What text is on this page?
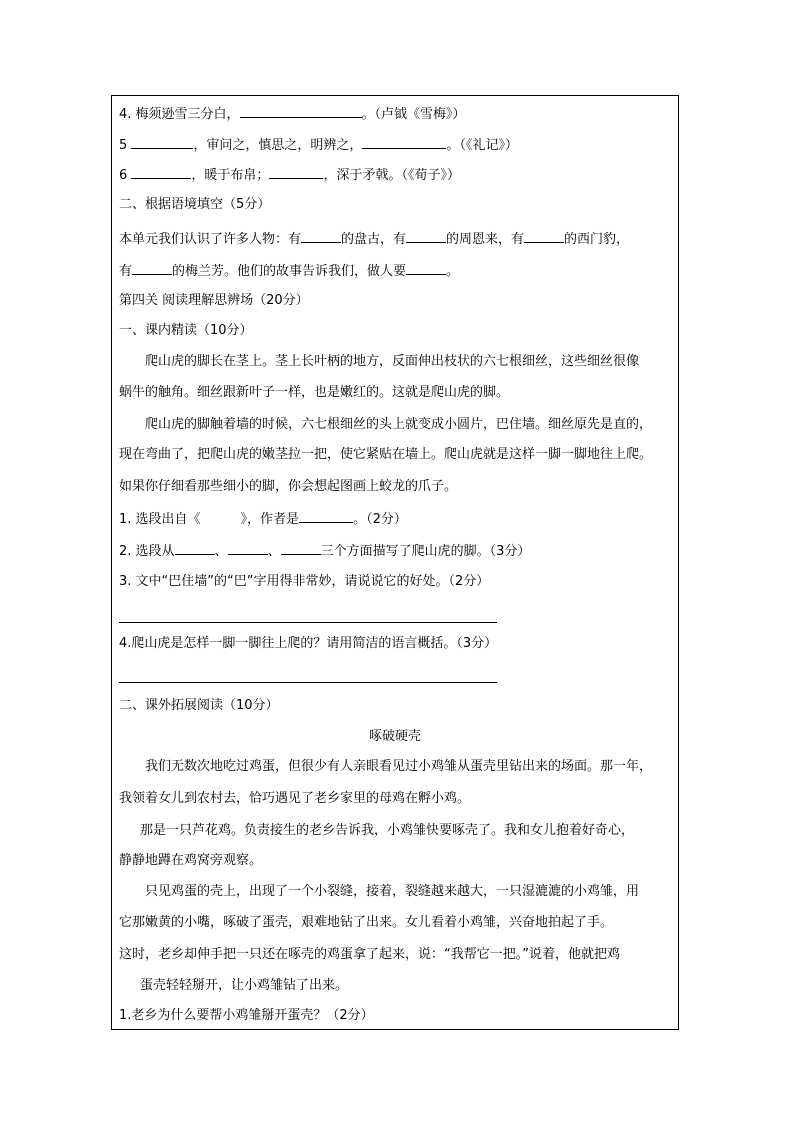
4. 梅须逊雪三分白，	。（卢钺《雪梅》）
5	，审问之，慎思之，明辨之，	。（《礼记》）
6	，暖于布帛；	，深于矛戟。（《荀子》）
二、根据语境填空（5分）
本单元我们认识了许多人物：有	的盘古，有	的周恩来，有	的西门豹，
有	的梅兰芳。他们的故事告诉我们，做人要	。
第四关 阅读理解思辨场（20分）
一、课内精读（10分）
爬山虎的脚长在茎上。茎上长叶柄的地方，反面伸出枝状的六七根细丝，这些细丝很像
蜗牛的触角。细丝跟新叶子一样，也是嫩红的。这就是爬山虎的脚。
爬山虎的脚触着墙的时候，六七根细丝的头上就变成小圆片，巴住墙。细丝原先是直的，
现在弯曲了，把爬山虎的嫩茎拉一把，使它紧贴在墙上。爬山虎就是这样一脚一脚地往上爬。
如果你仔细看那些细小的脚，你会想起图画上蛟龙的爪子。
1. 选段出自《	》，作者是	。（2分）
2. 选段从	、	、	三个方面描写了爬山虎的脚。（3分）
3. 文中“巴住墙”的“巴”字用得非常妙，请说说它的好处。（2分）
4.爬山虎是怎样一脚一脚往上爬的？请用简洁的语言概括。（3分）
二、课外拓展阅读（10分）
啄破硬壳
我们无数次地吃过鸡蛋，但很少有人亲眼看见过小鸡雏从蛋壳里钻出来的场面。那一年，
我领着女儿到农村去，恰巧遇见了老乡家里的母鸡在孵小鸡。
那是一只芦花鸡。负责接生的老乡告诉我，小鸡雏快要啄壳了。我和女儿抱着好奇心，
静静地蹲在鸡窝旁观察。
只见鸡蛋的壳上，出现了一个小裂缝，接着，裂缝越来越大，一只湿漉漉的小鸡雏，用
它那嫩黄的小嘴，啄破了蛋壳，艰难地钻了出来。女儿看着小鸡雏，兴奋地拍起了手。
这时，老乡却伸手把一只还在啄壳的鸡蛋拿了起来，说：“我帮它一把。”说着，他就把鸡
蛋壳轻轻掰开，让小鸡雏钻了出来。
1.老乡为什么要帮小鸡雏掰开蛋壳？（2分）
